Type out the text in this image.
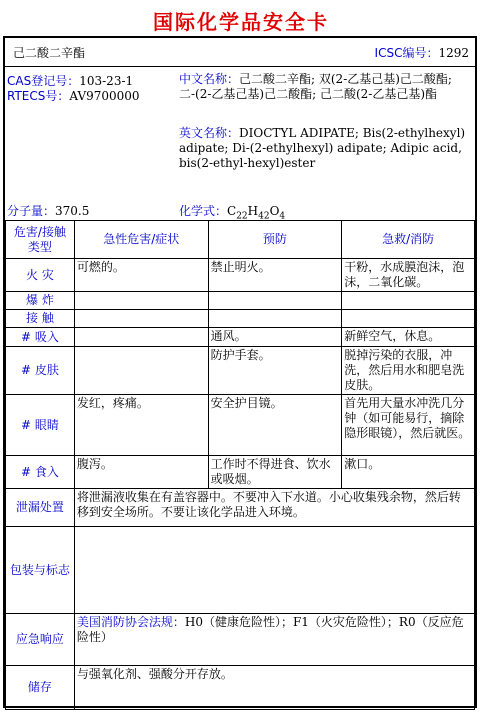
国际化学品安全卡
己二酸二辛酯	ICSC编号：1292
CAS登记号：103-23-1
RTECS号：AV9700000
中文名称：己二酸二辛酯; 双(2-乙基己基)己二酸酯; 二-(2-乙基己基)己二酸酯; 己二酸(2-乙基己基)酯
英文名称：DIOCTYL ADIPATE; Bis(2-ethylhexyl) adipate; Di-(2-ethylhexyl) adipate; Adipic acid, bis(2-ethyl-hexyl)ester
分子量：370.5	化学式：$C_{22}H_{42}O_4$
危害/接触类型	急性危害/症状	预防	急救/消防
火 灾	可燃的。	禁止明火。	干粉，水成膜泡沫，泡沫，二氧化碳。
爆 炸			
接 触			
# 吸入		通风。	新鲜空气，休息。
# 皮肤		防护手套。	脱掉污染的衣服，冲洗，然后用水和肥皂洗皮肤。
# 眼睛	发红，疼痛。	安全护目镜。	首先用大量水冲洗几分钟（如可能易行，摘除隐形眼镜），然后就医。
# 食入	腹泻。	工作时不得进食、饮水或吸烟。	漱口。
泄漏处置	将泄漏液收集在有盖容器中。不要冲入下水道。小心收集残余物，然后转移到安全场所。不要让该化学品进入环境。		
包装与标志			
应急响应	美国消防协会法规：H0（健康危险性）；F1（火灾危险性）；R0（反应危险性）		
储存	与强氧化剂、强酸分开存放。		
